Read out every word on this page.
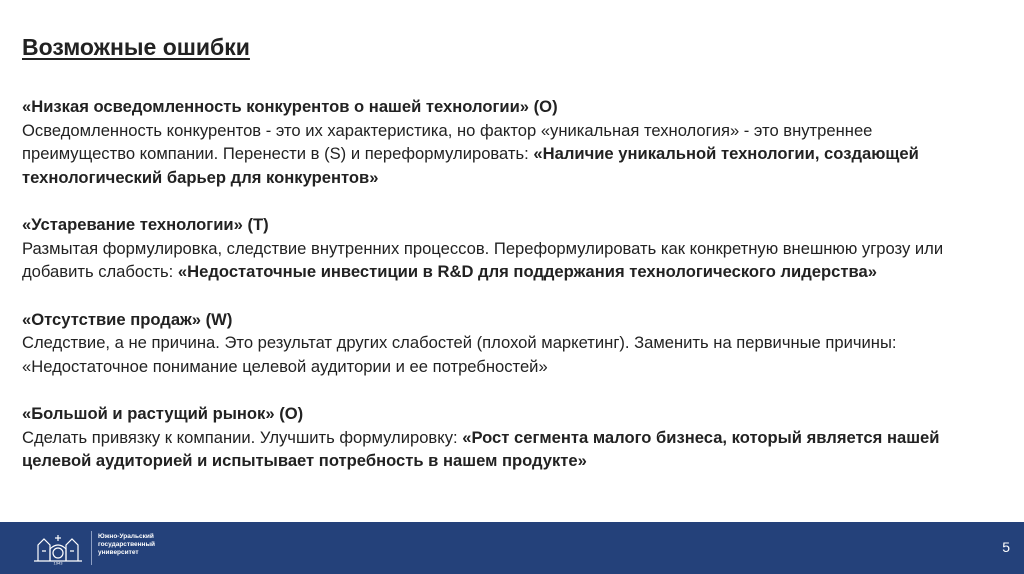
Возможные ошибки

«Низкая осведомленность конкурентов о нашей технологии» (O)

Осведомленность конкурентов - это их характеристика, но фактор «уникальная технология» - это внутреннее преимущество компании. Перенести в (S) и переформулировать: «Наличие уникальной технологии, создающей технологический барьер для конкурентов»

«Устаревание технологии» (T)

Размытая формулировка, следствие внутренних процессов. Переформулировать как конкретную внешнюю угрозу или добавить слабость: «Недостаточные инвестиции в R&D для поддержания технологического лидерства»

«Отсутствие продаж» (W)

Следствие, а не причина. Это результат других слабостей (плохой маркетинг). Заменить на первичные причины: «Недостаточное понимание целевой аудитории и ее потребностей»

«Большой и растущий рынок» (O)

Сделать привязку к компании. Улучшить формулировку: «Рост сегмента малого бизнеса, который является нашей целевой аудиторией и испытывает потребность в нашем продукте»

1943
Южно-Уральский
государственный
университет	5
